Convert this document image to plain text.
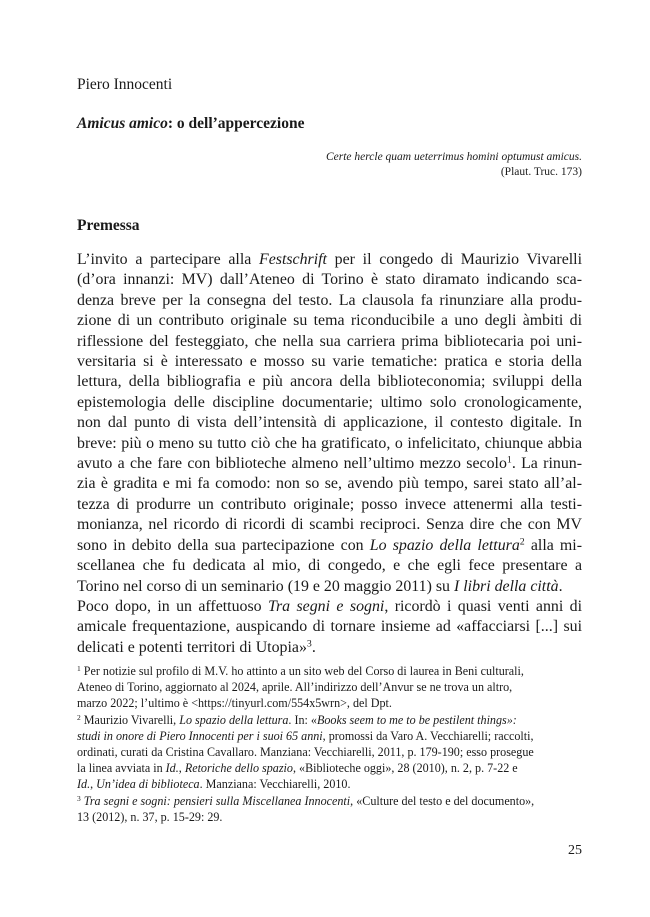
Piero Innocenti
Amicus amico: o dell’appercezione
Certe hercle quam ueterrimus homini optumust amicus.
(Plaut. Truc. 173)
Premessa
L’invito a partecipare alla Festschrift per il congedo di Maurizio Vivarelli
(d’ora innanzi: MV) dall’Ateneo di Torino è stato diramato indicando sca-
denza breve per la consegna del testo. La clausola fa rinunziare alla produ-
zione di un contributo originale su tema riconducibile a uno degli àmbiti di
riflessione del festeggiato, che nella sua carriera prima bibliotecaria poi uni-
versitaria si è interessato e mosso su varie tematiche: pratica e storia della
lettura, della bibliografia e più ancora della biblioteconomia; sviluppi della
epistemologia delle discipline documentarie; ultimo solo cronologicamente,
non dal punto di vista dell’intensità di applicazione, il contesto digitale. In
breve: più o meno su tutto ciò che ha gratificato, o infelicitato, chiunque abbia
avuto a che fare con biblioteche almeno nell’ultimo mezzo secolo$^1$. La rinun-
zia è gradita e mi fa comodo: non so se, avendo più tempo, sarei stato all’al-
tezza di produrre un contributo originale; posso invece attenermi alla testi-
monianza, nel ricordo di ricordi di scambi reciproci. Senza dire che con MV
sono in debito della sua partecipazione con Lo spazio della lettura$^2$ alla mi-
scellanea che fu dedicata al mio, di congedo, e che egli fece presentare a
Torino nel corso di un seminario (19 e 20 maggio 2011) su I libri della città.
Poco dopo, in un affettuoso Tra segni e sogni, ricordò i quasi venti anni di
amicale frequentazione, auspicando di tornare insieme ad «affacciarsi [...] sui
delicati e potenti territori di Utopia»$^3$.
$^1$ Per notizie sul profilo di M.V. ho attinto a un sito web del Corso di laurea in Beni culturali,
Ateneo di Torino, aggiornato al 2024, aprile. All’indirizzo dell’Anvur se ne trova un altro,
marzo 2022; l’ultimo è <https://tinyurl.com/554x5wrn>, del Dpt.
$^2$ Maurizio Vivarelli, Lo spazio della lettura. In: «Books seem to me to be pestilent things»:
studi in onore di Piero Innocenti per i suoi 65 anni, promossi da Varo A. Vecchiarelli; raccolti,
ordinati, curati da Cristina Cavallaro. Manziana: Vecchiarelli, 2011, p. 179-190; esso prosegue
la linea avviata in Id., Retoriche dello spazio, «Biblioteche oggi», 28 (2010), n. 2, p. 7-22 e
Id., Un’idea di biblioteca. Manziana: Vecchiarelli, 2010.
$^3$ Tra segni e sogni: pensieri sulla Miscellanea Innocenti, «Culture del testo e del documento»,
13 (2012), n. 37, p. 15-29: 29.
25
